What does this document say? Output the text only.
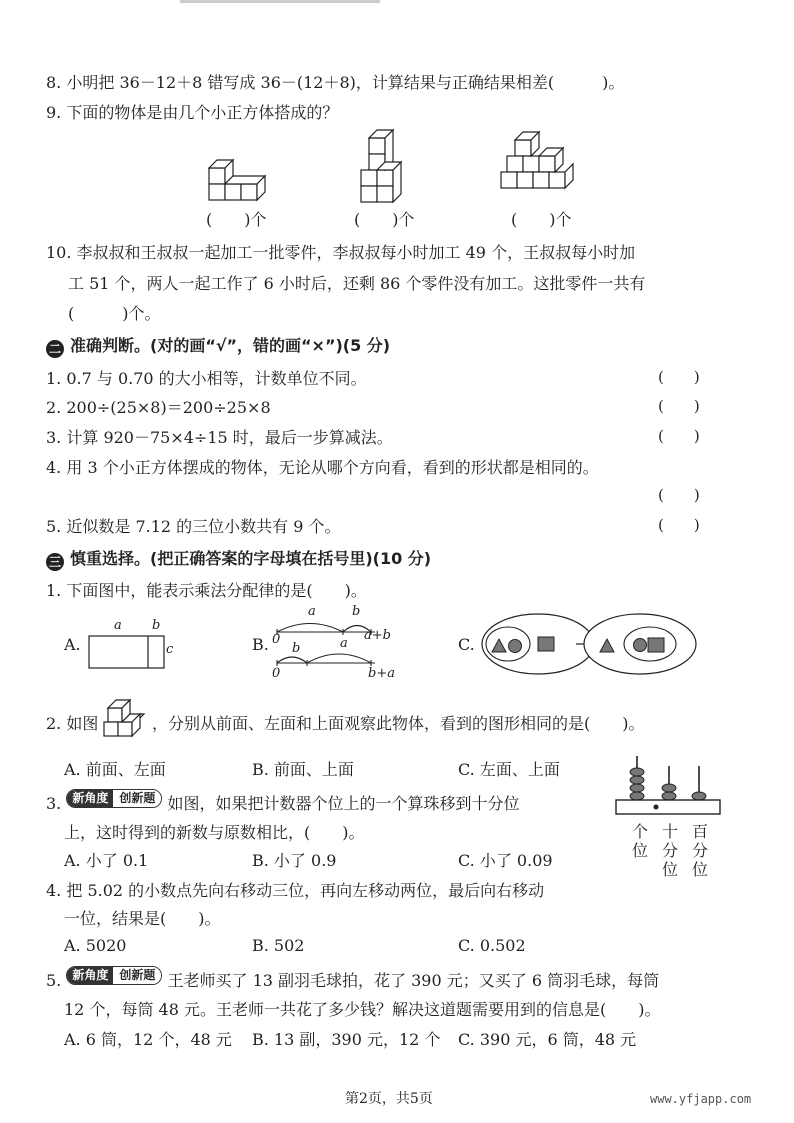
8. 小明把 36－12＋8 错写成 36－(12＋8)，计算结果与正确结果相差(　　　)。
9. 下面的物体是由几个小正方体搭成的？
(　　)个	(　　)个	(　　)个
10. 李叔叔和王叔叔一起加工一批零件，李叔叔每小时加工 49 个，王叔叔每小时加
工 51 个，两人一起工作了 6 小时后，还剩 86 个零件没有加工。这批零件一共有
(　　　)个。
二 准确判断。(对的画“√”，错的画“×”)(5 分)
1. 0.7 与 0.70 的大小相等，计数单位不同。	(　　)
2. 200÷(25×8)＝200÷25×8	(　　)
3. 计算 920－75×4÷15 时，最后一步算减法。	(　　)
4. 用 3 个小正方体摆成的物体，无论从哪个方向看，看到的形状都是相同的。
(　　)
5. 近似数是 7.12 的三位小数共有 9 个。	(　　)
三 慎重选择。(把正确答案的字母填在括号里)(10 分)
1. 下面图中，能表示乘法分配律的是(　　)。
A.
a b
c	B.
a	b
0	a+b
b	a
0	b+a
C.
2. 如图	，分别从前面、左面和上面观察此物体，看到的图形相同的是(　　)。
A. 前面、左面	B. 前面、上面	C. 左面、上面
3. 新角度 创新题 如图，如果把计数器个位上的一个算珠移到十分位
上，这时得到的新数与原数相比，(　　)。
A. 小了 0.1	B. 小了 0.9	C. 小了 0.09
个位
十分位
百分位
4. 把 5.02 的小数点先向右移动三位，再向左移动两位，最后向右移动
一位，结果是(　　)。
A. 5020	B. 502	C. 0.502
5. 新角度 创新题 王老师买了 13 副羽毛球拍，花了 390 元；又买了 6 筒羽毛球，每筒
12 个，每筒 48 元。王老师一共花了多少钱？解决这道题需要用到的信息是(　　)。
A. 6 筒，12 个，48 元 B. 13 副，390 元，12 个 C. 390 元，6 筒，48 元
第2页，共5页	www.yfjapp.com
